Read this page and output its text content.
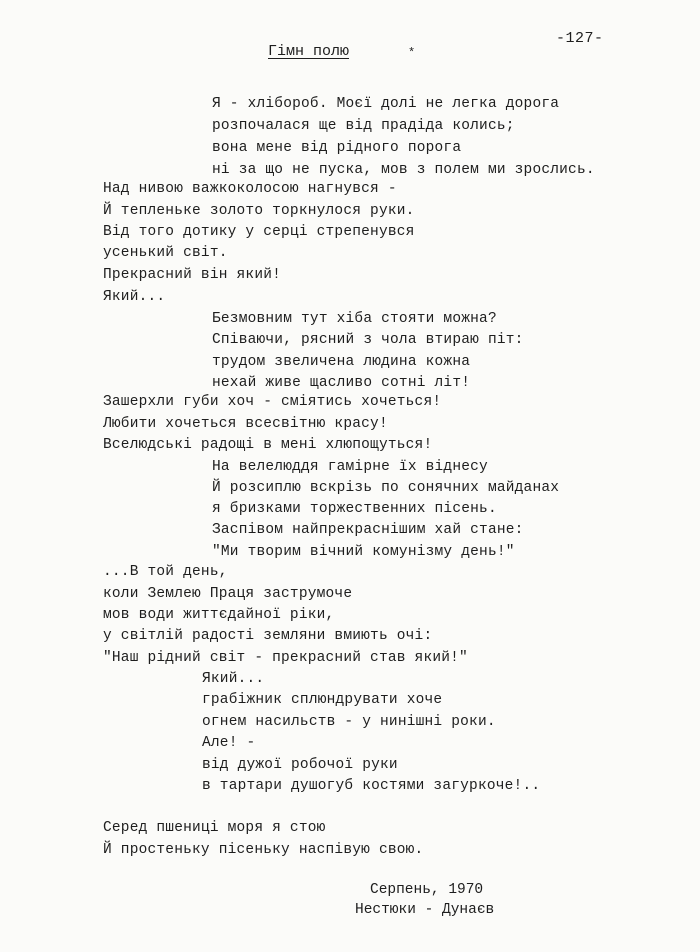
-127-
Гімн полю	*
Я - хлібороб. Моєї долі не легка дорога
розпочалася ще від прадіда колись;
вона мене від рідного порога
ні за що не пуска, мов з полем ми зрослись.
Над нивою важкоколосою нагнувся -
Й тепленьке золото торкнулося руки.
Від того дотику у серці стрепенувся
усенький світ.
Прекрасний він який!
Який...
Безмовним тут хіба стояти можна?
Співаючи, рясний з чола втираю піт:
трудом звеличена людина кожна
нехай живе щасливо сотні літ!
Зашерхли губи хоч - сміятись хочеться!
Любити хочеться всесвітню красу!
Вселюдські радощі в мені хлюпощуться!
На велелюддя гамірне їх віднесу
Й розсиплю вскрізь по сонячних майданах
я бризками торжественних пісень.
Заспівом найпрекраснішим хай стане:
"Ми творим вічний комунізму день!"
...В той день,
коли Землею Праця заструмоче
мов води життєдайної ріки,
у світлій радості земляни вмиють очі:
"Наш рідний світ - прекрасний став який!"
Який...
грабіжник сплюндрувати хоче
огнем насильств - у нинішні роки.
Але! -
від дужої робочої руки
в тартари душогуб костями загуркоче!..
Серед пшениці моря я стою
Й простеньку пісеньку наспівую свою.
Серпень, 1970
Нестюки - Дунаєв
